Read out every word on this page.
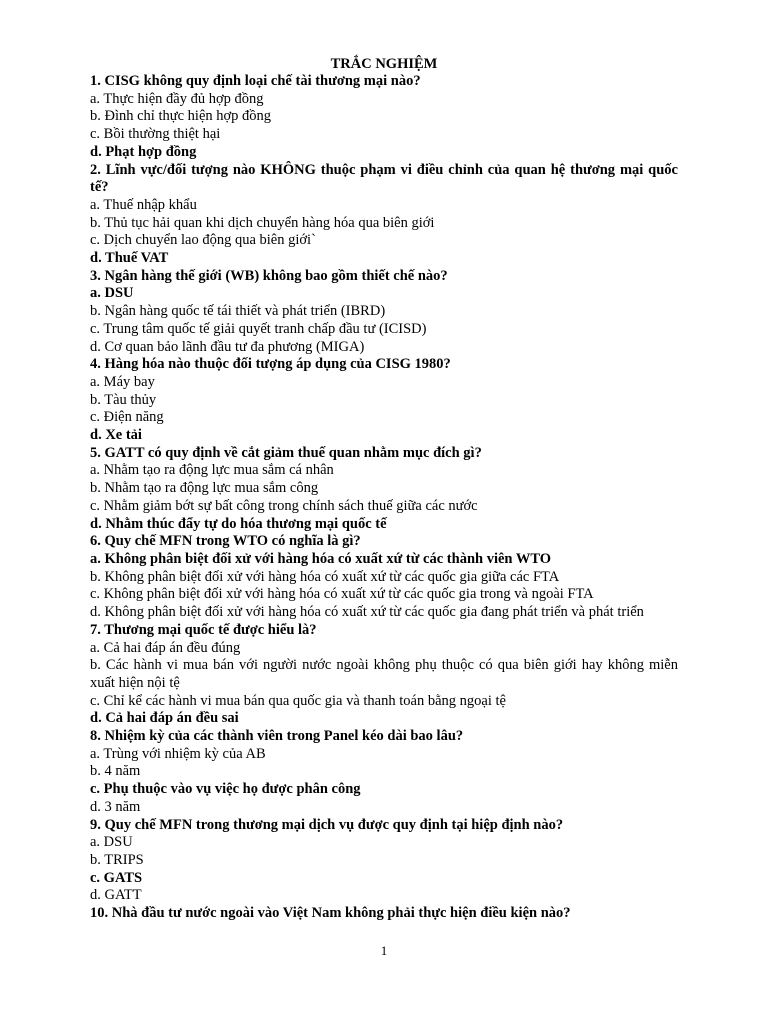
TRẮC NGHIỆM
1. CISG không quy định loại chế tài thương mại nào?
a. Thực hiện đầy đủ hợp đồng
b. Đình chỉ thực hiện hợp đồng
c. Bồi thường thiệt hại
d. Phạt hợp đồng
2. Lĩnh vực/đối tượng nào KHÔNG thuộc phạm vi điều chỉnh của quan hệ thương mại quốc tế?
a. Thuế nhập khẩu
b. Thủ tục hải quan khi dịch chuyển hàng hóa qua biên giới
c. Dịch chuyển lao động qua biên giới`
d. Thuế VAT
3. Ngân hàng thế giới (WB) không bao gồm thiết chế nào?
a. DSU
b. Ngân hàng quốc tế tái thiết và phát triển (IBRD)
c. Trung tâm quốc tế giải quyết tranh chấp đầu tư (ICISD)
d. Cơ quan bảo lãnh đầu tư đa phương (MIGA)
4. Hàng hóa nào thuộc đối tượng áp dụng của CISG 1980?
a. Máy bay
b. Tàu thủy
c. Điện năng
d. Xe tải
5. GATT có quy định về cắt giảm thuế quan nhằm mục đích gì?
a. Nhằm tạo ra động lực mua sắm cá nhân
b. Nhằm tạo ra động lực mua sắm công
c. Nhằm giảm bớt sự bất công trong chính sách thuế giữa các nước
d. Nhằm thúc đẩy tự do hóa thương mại quốc tế
6. Quy chế MFN trong WTO có nghĩa là gì?
a. Không phân biệt đối xử với hàng hóa có xuất xứ từ các thành viên WTO
b. Không phân biệt đối xử với hàng hóa có xuất xứ từ các quốc gia giữa các FTA
c. Không phân biệt đối xử với hàng hóa có xuất xứ từ các quốc gia trong và ngoài FTA
d. Không phân biệt đối xử với hàng hóa có xuất xứ từ các quốc gia đang phát triển và phát triển
7. Thương mại quốc tế được hiểu là?
a. Cả hai đáp án đều đúng
b. Các hành vi mua bán với người nước ngoài không phụ thuộc có qua biên giới hay không miễn xuất hiện nội tệ
c. Chỉ kể các hành vi mua bán qua quốc gia và thanh toán bằng ngoại tệ
d. Cả hai đáp án đều sai
8. Nhiệm kỳ của các thành viên trong Panel kéo dài bao lâu?
a. Trùng với nhiệm kỳ của AB
b. 4 năm
c. Phụ thuộc vào vụ việc họ được phân công
d. 3 năm
9. Quy chế MFN trong thương mại dịch vụ được quy định tại hiệp định nào?
a. DSU
b. TRIPS
c. GATS
d. GATT
10. Nhà đầu tư nước ngoài vào Việt Nam không phải thực hiện điều kiện nào?
1
